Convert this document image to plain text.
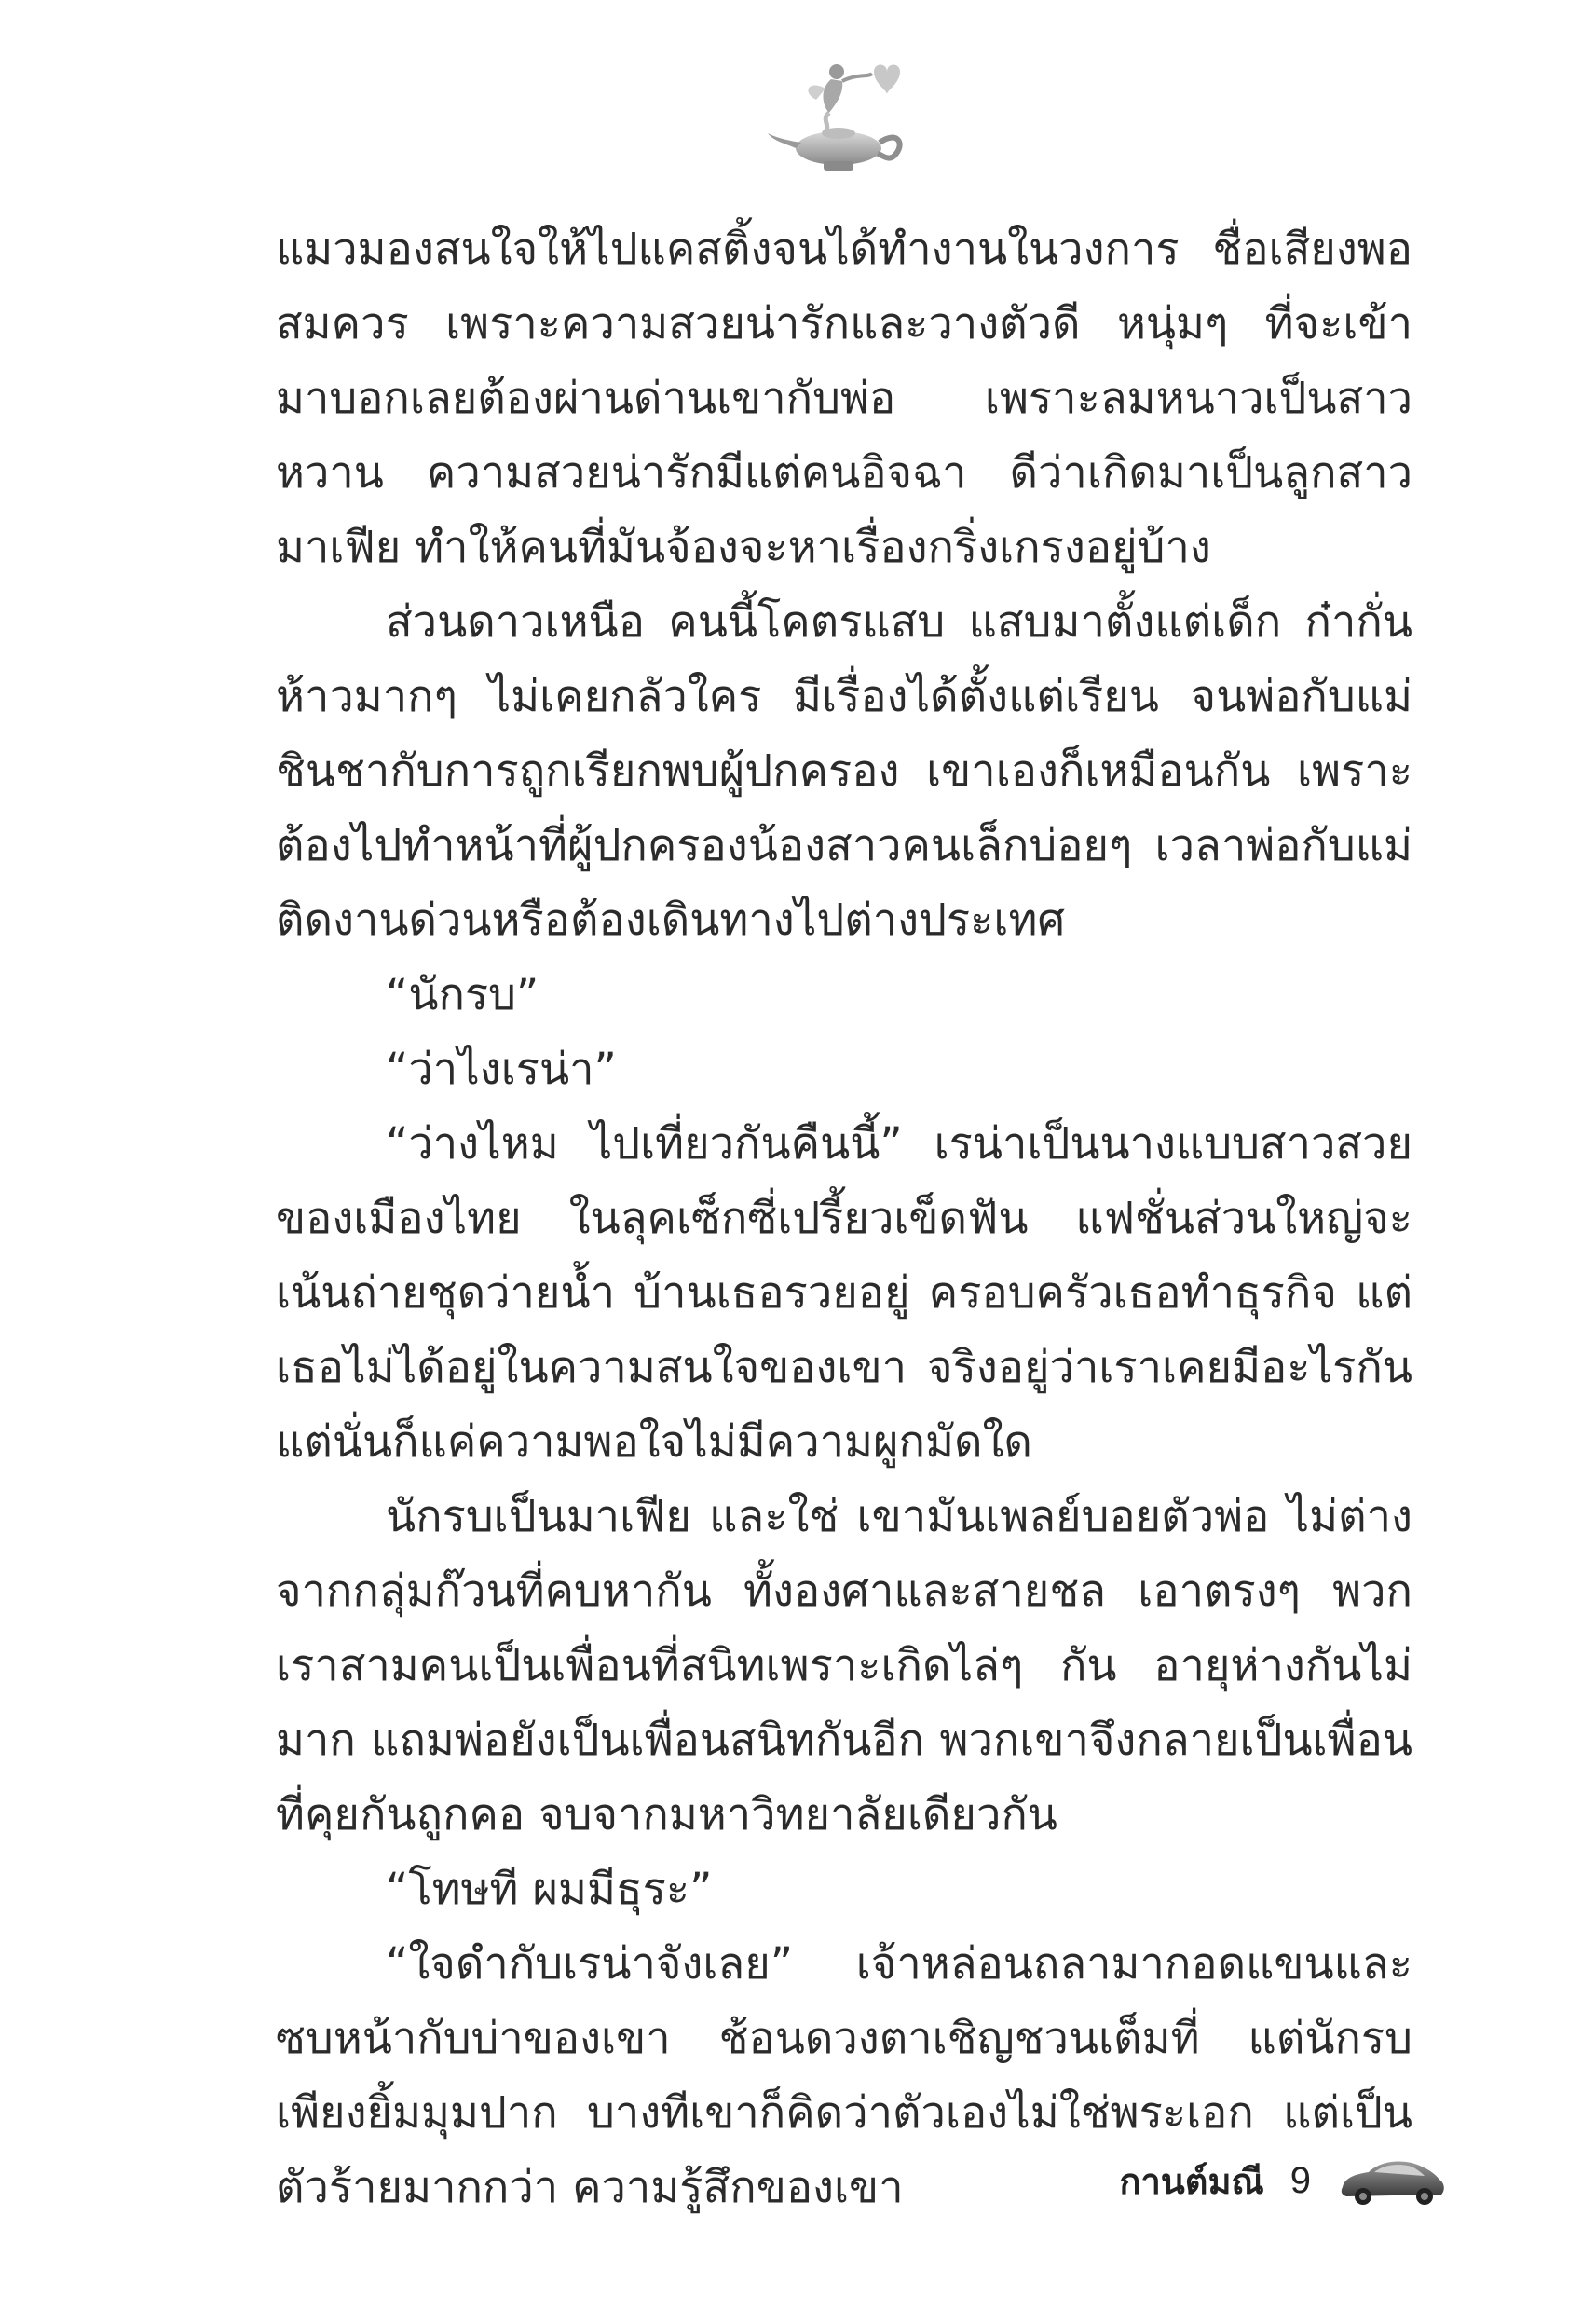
แมวมองสนใจให้ไปแคสติ้งจนได้ทำงานในวงการ ชื่อเสียงพอสมควร เพราะความสวยน่ารักและวางตัวดี หนุ่มๆ ที่จะเข้ามาบอกเลยต้องผ่านด่านเขากับพ่อ เพราะลมหนาวเป็นสาวหวาน ความสวยน่ารักมีแต่คนอิจฉา ดีว่าเกิดมาเป็นลูกสาวมาเฟีย ทำให้คนที่มันจ้องจะหาเรื่องกริ่งเกรงอยู่บ้าง

ส่วนดาวเหนือ คนนี้โคตรแสบ แสบมาตั้งแต่เด็ก ก๋ากั่นห้าวมากๆ ไม่เคยกลัวใคร มีเรื่องได้ตั้งแต่เรียน จนพ่อกับแม่ชินชากับการถูกเรียกพบผู้ปกครอง เขาเองก็เหมือนกัน เพราะต้องไปทำหน้าที่ผู้ปกครองน้องสาวคนเล็กบ่อยๆ เวลาพ่อกับแม่ติดงานด่วนหรือต้องเดินทางไปต่างประเทศ

“นักรบ”

“ว่าไงเรน่า”

“ว่างไหม ไปเที่ยวกันคืนนี้” เรน่าเป็นนางแบบสาวสวยของเมืองไทย ในลุคเซ็กซี่เปรี้ยวเข็ดฟัน แฟชั่นส่วนใหญ่จะเน้นถ่ายชุดว่ายน้ำ บ้านเธอรวยอยู่ ครอบครัวเธอทำธุรกิจ แต่เธอไม่ได้อยู่ในความสนใจของเขา จริงอยู่ว่าเราเคยมีอะไรกัน แต่นั่นก็แค่ความพอใจไม่มีความผูกมัดใด

นักรบเป็นมาเฟีย และใช่ เขามันเพลย์บอยตัวพ่อ ไม่ต่างจากกลุ่มก๊วนที่คบหากัน ทั้งองศาและสายชล เอาตรงๆ พวกเราสามคนเป็นเพื่อนที่สนิทเพราะเกิดไล่ๆ กัน อายุห่างกันไม่มาก แถมพ่อยังเป็นเพื่อนสนิทกันอีก พวกเขาจึงกลายเป็นเพื่อนที่คุยกันถูกคอ จบจากมหาวิทยาลัยเดียวกัน

“โทษที ผมมีธุระ”

“ใจดำกับเรน่าจังเลย” เจ้าหล่อนถลามากอดแขนและซบหน้ากับบ่าของเขา ช้อนดวงตาเชิญชวนเต็มที่ แต่นักรบเพียงยิ้มมุมปาก บางทีเขาก็คิดว่าตัวเองไม่ใช่พระเอก แต่เป็นตัวร้ายมากกว่า ความรู้สึกของเขา	กานต์มณี 9
